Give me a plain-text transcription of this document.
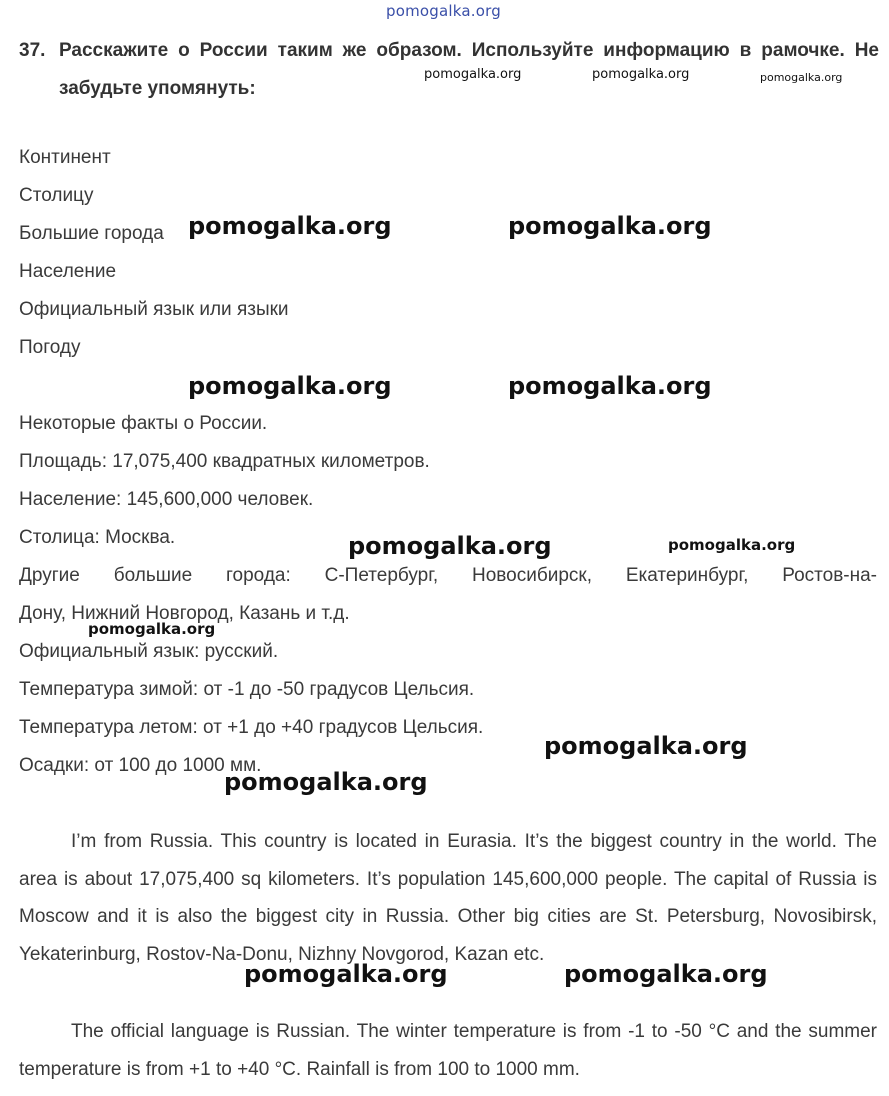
37. Расскажите о России таким же образом. Используйте информацию в рамочке. Не забудьте упомянуть:
Континент
Столицу
Большие города
Население
Официальный язык или языки
Погоду
Некоторые факты о России.
Площадь: 17,075,400 квадратных километров.
Население: 145,600,000 человек.
Столица: Москва.
Другие большие города: С-Петербург, Новосибирск, Екатеринбург, Ростов-на-
Дону, Нижний Новгород, Казань и т.д.
Официальный язык: русский.
Температура зимой: от -1 до -50 градусов Цельсия.
Температура летом: от +1 до +40 градусов Цельсия.
Осадки: от 100 до 1000 мм.
I’m from Russia. This country is located in Eurasia. It’s the biggest country in the world. The area is about 17,075,400 sq kilometers. It’s population 145,600,000 people. The capital of Russia is Moscow and it is also the biggest city in Russia. Other big cities are St. Petersburg, Novosibirsk, Yekaterinburg, Rostov-Na-Donu, Nizhny Novgorod, Kazan etc.
The official language is Russian. The winter temperature is from -1 to -50 °C and the summer temperature is from +1 to +40 °C. Rainfall is from 100 to 1000 mm.
pomogalka.org
pomogalka.org	pomogalka.org	pomogalka.org
pomogalka.org	pomogalka.org
pomogalka.org	pomogalka.org
pomogalka.org	pomogalka.org
pomogalka.org
pomogalka.org
pomogalka.org
pomogalka.org	pomogalka.org
